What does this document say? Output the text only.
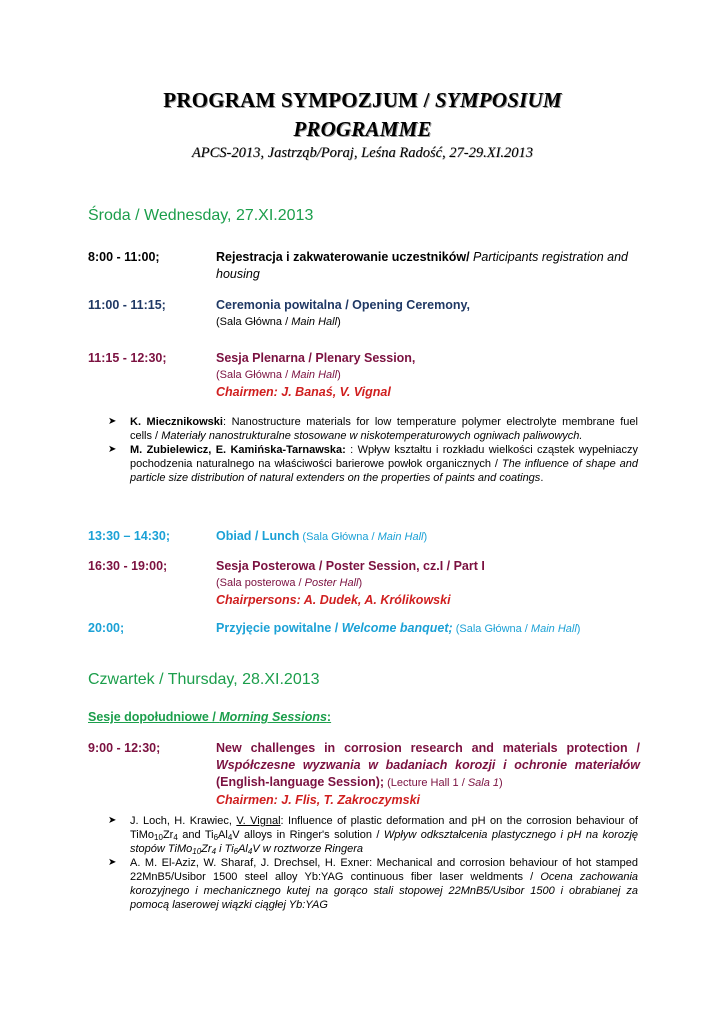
PROGRAM SYMPOZJUM / SYMPOSIUM
PROGRAMME
APCS-2013, Jastrząb/Poraj, Leśna Radość, 27-29.XI.2013
Środa / Wednesday, 27.XI.2013
8:00 - 11:00;	Rejestracja i zakwaterowanie uczestników/ Participants registration and housing
11:00 - 11:15;	Ceremonia powitalna / Opening Ceremony,
(Sala Główna / Main Hall)
11:15 - 12:30;	Sesja Plenarna / Plenary Session,
(Sala Główna / Main Hall)
Chairmen: J. Banaś, V. Vignal
➤ K. Miecznikowski: Nanostructure materials for low temperature polymer electrolyte membrane fuel cells / Materiały nanostrukturalne stosowane w niskotemperaturowych ogniwach paliwowych.
➤ M. Zubielewicz, E. Kamińska-Tarnawska: : Wpływ kształtu i rozkładu wielkości cząstek wypełniaczy pochodzenia naturalnego na właściwości barierowe powłok organicznych / The influence of shape and particle size distribution of natural extenders on the properties of paints and coatings.
13:30 – 14:30;	Obiad / Lunch (Sala Główna / Main Hall)
16:30 - 19:00;	Sesja Posterowa / Poster Session, cz.I / Part I
(Sala posterowa / Poster Hall)
Chairpersons: A. Dudek, A. Królikowski
20:00;	Przyjęcie powitalne / Welcome banquet; (Sala Główna / Main Hall)
Czwartek / Thursday, 28.XI.2013
Sesje dopołudniowe / Morning Sessions:
9:00 - 12:30;	New challenges in corrosion research and materials protection / Współczesne wyzwania w badaniach korozji i ochronie materiałów (English-language Session); (Lecture Hall 1 / Sala 1)
Chairmen: J. Flis, T. Zakroczymski
➤ J. Loch, H. Krawiec, V. Vignal: Influence of plastic deformation and pH on the corrosion behaviour of $TiMo_{10}Zr_4$ and $Ti_6Al_4V$ alloys in Ringer's solution / Wpływ odkształcenia plastycznego i pH na korozję stopów $TiMo_{10}Zr_4$ i $Ti_6Al_4V$ w roztworze Ringera
➤ A. M. El-Aziz, W. Sharaf, J. Drechsel, H. Exner: Mechanical and corrosion behaviour of hot stamped 22MnB5/Usibor 1500 steel alloy Yb:YAG continuous fiber laser weldments / Ocena zachowania korozyjnego i mechanicznego kutej na gorąco stali stopowej 22MnB5/Usibor 1500 i obrabianej za pomocą laserowej wiązki ciągłej Yb:YAG
